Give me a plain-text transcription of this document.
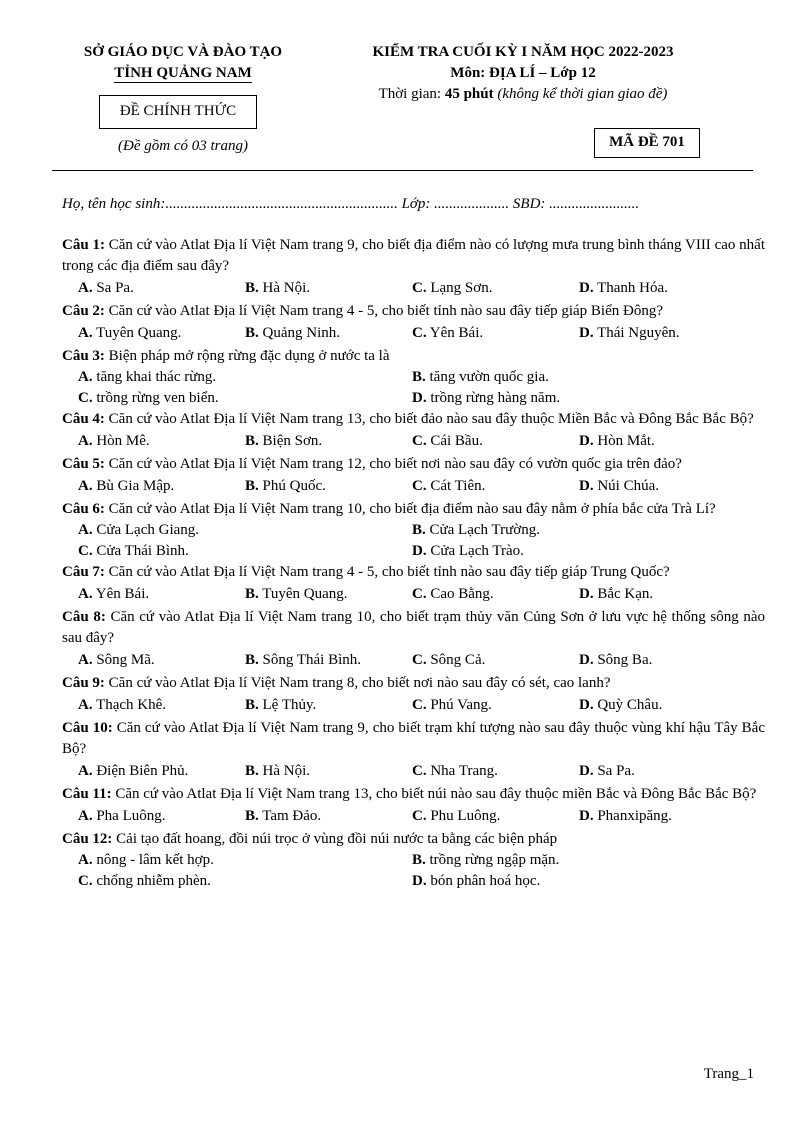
SỞ GIÁO DỤC VÀ ĐÀO TẠO
TỈNH QUẢNG NAM
ĐỀ CHÍNH THỨC
(Đề gồm có 03 trang)
KIỂM TRA CUỐI KỲ I NĂM HỌC 2022-2023
Môn: ĐỊA LÍ – Lớp 12
Thời gian: 45 phút (không kể thời gian giao đề)
MÃ ĐỀ 701
Họ, tên học sinh:.............................................................. Lớp: .................... SBD: ........................
Câu 1: Căn cứ vào Atlat Địa lí Việt Nam trang 9, cho biết địa điểm nào có lượng mưa trung bình tháng VIII cao nhất trong các địa điểm sau đây?
A. Sa Pa.	B. Hà Nội.	C. Lạng Sơn.	D. Thanh Hóa.
Câu 2: Căn cứ vào Atlat Địa lí Việt Nam trang 4 - 5, cho biết tỉnh nào sau đây tiếp giáp Biển Đông?
A. Tuyên Quang.	B. Quảng Ninh.	C. Yên Bái.	D. Thái Nguyên.
Câu 3: Biện pháp mở rộng rừng đặc dụng ở nước ta là
A. tăng khai thác rừng.	B. tăng vườn quốc gia.
C. trồng rừng ven biển.	D. trồng rừng hàng năm.
Câu 4: Căn cứ vào Atlat Địa lí Việt Nam trang 13, cho biết đảo nào sau đây thuộc Miền Bắc và Đông Bắc Bắc Bộ?
A. Hòn Mê.	B. Biện Sơn.	C. Cái Bầu.	D. Hòn Mắt.
Câu 5: Căn cứ vào Atlat Địa lí Việt Nam trang 12, cho biết nơi nào sau đây có vườn quốc gia trên đảo?
A. Bù Gia Mập.	B. Phú Quốc.	C. Cát Tiên.	D. Núi Chúa.
Câu 6: Căn cứ vào Atlat Địa lí Việt Nam trang 10, cho biết địa điểm nào sau đây nằm ở phía bắc cửa Trà Lí?
A. Cửa Lạch Giang.	B. Cửa Lạch Trường.
C. Cửa Thái Bình.	D. Cửa Lạch Trào.
Câu 7: Căn cứ vào Atlat Địa lí Việt Nam trang 4 - 5, cho biết tỉnh nào sau đây tiếp giáp Trung Quốc?
A. Yên Bái.	B. Tuyên Quang.	C. Cao Bằng.	D. Bắc Kạn.
Câu 8: Căn cứ vào Atlat Địa lí Việt Nam trang 10, cho biết trạm thủy văn Củng Sơn ở lưu vực hệ thống sông nào sau đây?
A. Sông Mã.	B. Sông Thái Bình.	C. Sông Cả.	D. Sông Ba.
Câu 9: Căn cứ vào Atlat Địa lí Việt Nam trang 8, cho biết nơi nào sau đây có sét, cao lanh?
A. Thạch Khê.	B. Lệ Thủy.	C. Phú Vang.	D. Quỳ Châu.
Câu 10: Căn cứ vào Atlat Địa lí Việt Nam trang 9, cho biết trạm khí tượng nào sau đây thuộc vùng khí hậu Tây Bắc Bộ?
A. Điện Biên Phủ.	B. Hà Nội.	C. Nha Trang.	D. Sa Pa.
Câu 11: Căn cứ vào Atlat Địa lí Việt Nam trang 13, cho biết núi nào sau đây thuộc miền Bắc và Đông Bắc Bắc Bộ?
A. Pha Luông.	B. Tam Đảo.	C. Phu Luông.	D. Phanxipăng.
Câu 12: Cải tạo đất hoang, đồi núi trọc ở vùng đồi núi nước ta bằng các biện pháp
A. nông - lâm kết hợp.	B. trồng rừng ngập mặn.
C. chống nhiễm phèn.	D. bón phân hoá học.
Trang_1
